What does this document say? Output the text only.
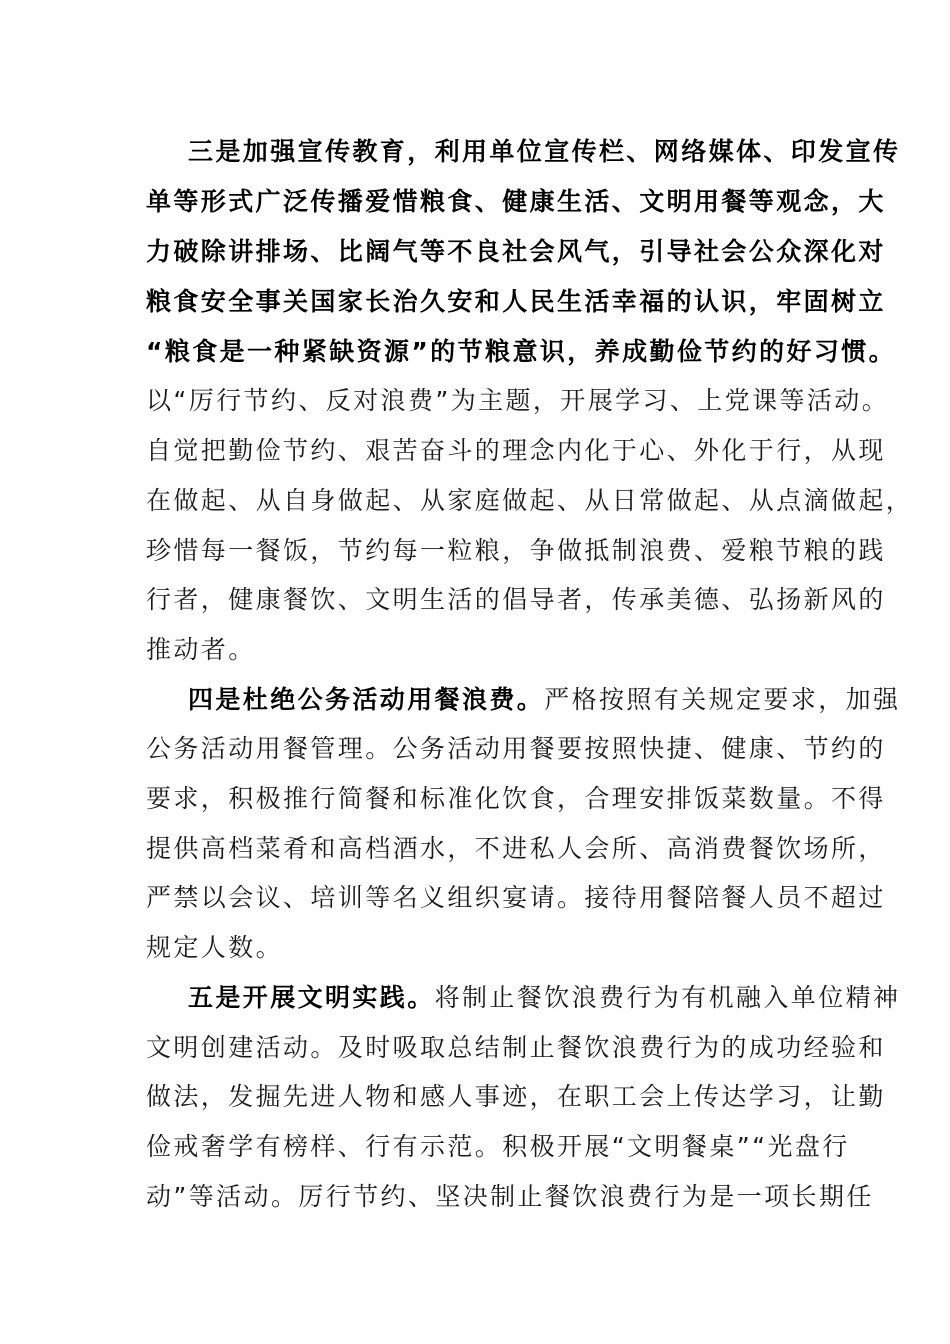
三是加强宣传教育，利用单位宣传栏、网络媒体、印发宣传
单等形式广泛传播爱惜粮食、健康生活、文明用餐等观念，大
力破除讲排场、比阔气等不良社会风气，引导社会公众深化对
粮食安全事关国家长治久安和人民生活幸福的认识，牢固树立
“粮食是一种紧缺资源”的节粮意识，养成勤俭节约的好习惯。
以“厉行节约、反对浪费”为主题，开展学习、上党课等活动。
自觉把勤俭节约、艰苦奋斗的理念内化于心、外化于行，从现
在做起、从自身做起、从家庭做起、从日常做起、从点滴做起，
珍惜每一餐饭，节约每一粒粮，争做抵制浪费、爱粮节粮的践
行者，健康餐饮、文明生活的倡导者，传承美德、弘扬新风的
推动者。
四是杜绝公务活动用餐浪费。严格按照有关规定要求，加强
公务活动用餐管理。公务活动用餐要按照快捷、健康、节约的
要求，积极推行简餐和标准化饮食，合理安排饭菜数量。不得
提供高档菜肴和高档酒水，不进私人会所、高消费餐饮场所，
严禁以会议、培训等名义组织宴请。接待用餐陪餐人员不超过
规定人数。
五是开展文明实践。将制止餐饮浪费行为有机融入单位精神
文明创建活动。及时吸取总结制止餐饮浪费行为的成功经验和
做法，发掘先进人物和感人事迹，在职工会上传达学习，让勤
俭戒奢学有榜样、行有示范。积极开展“文明餐桌”“光盘行
动”等活动。厉行节约、坚决制止餐饮浪费行为是一项长期任
